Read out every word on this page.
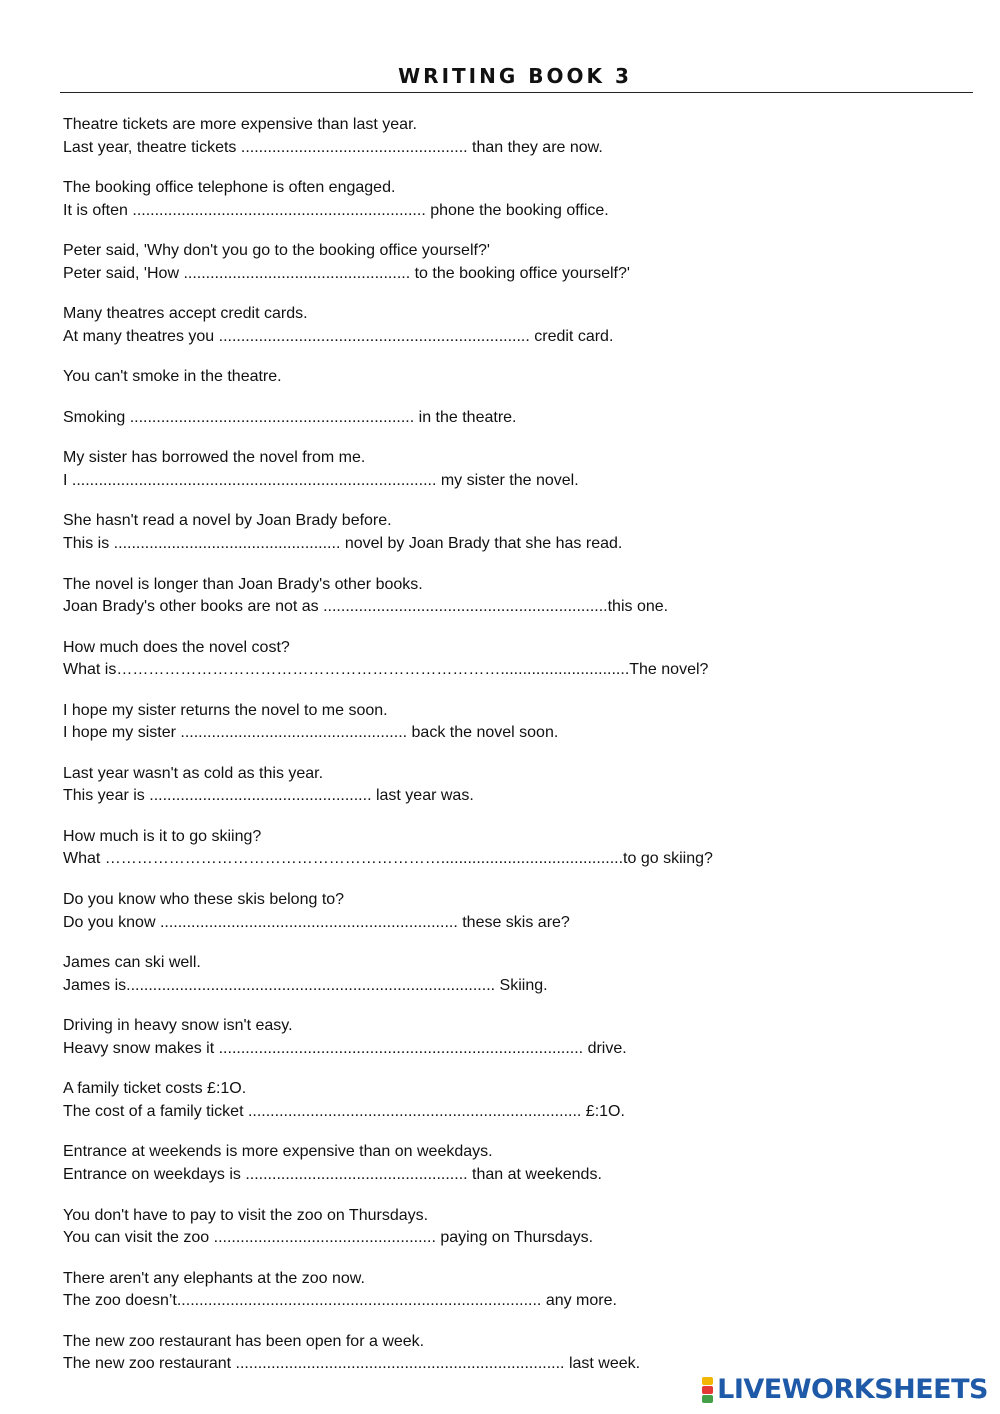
WRITING BOOK 3
Theatre tickets are more expensive than last year.
Last year, theatre tickets ................................................... than they are now.
The booking office telephone is often engaged.
It is often .................................................................. phone the booking office.
Peter said, 'Why don't you go to the booking office yourself?'
Peter said, 'How ................................................... to the booking office yourself?'
Many theatres accept credit cards.
At many theatres you ...................................................................... credit card.
You can't smoke in the theatre.
Smoking ................................................................ in the theatre.
My sister has borrowed the novel from me.
I .................................................................................. my sister the novel.
She hasn't read a novel by Joan Brady before.
This is ................................................... novel by Joan Brady that she has read.
The novel is longer than Joan Brady's other books.
Joan Brady's other books are not as ................................................................this one.
How much does the novel cost?
What is……………………………………………………………….............................The novel?
I hope my sister returns the novel to me soon.
I hope my sister ................................................... back the novel soon.
Last year wasn't as cold as this year.
This year is .................................................. last year was.
How much is it to go skiing?
What ……………………………………………………….........................................to go skiing?
Do you know who these skis belong to?
Do you know ................................................................... these skis are?
James can ski well.
James is................................................................................... Skiing.
Driving in heavy snow isn't easy.
Heavy snow makes it .................................................................................. drive.
A family ticket costs £:1O.
The cost of a family ticket ........................................................................... £:1O.
Entrance at weekends is more expensive than on weekdays.
Entrance on weekdays is .................................................. than at weekends.
You don't have to pay to visit the zoo on Thursdays.
You can visit the zoo .................................................. paying on Thursdays.
There aren't any elephants at the zoo now.
The zoo doesn’t.................................................................................. any more.
The new zoo restaurant has been open for a week.
The new zoo restaurant .......................................................................... last week.
LIVEWORKSHEETS
